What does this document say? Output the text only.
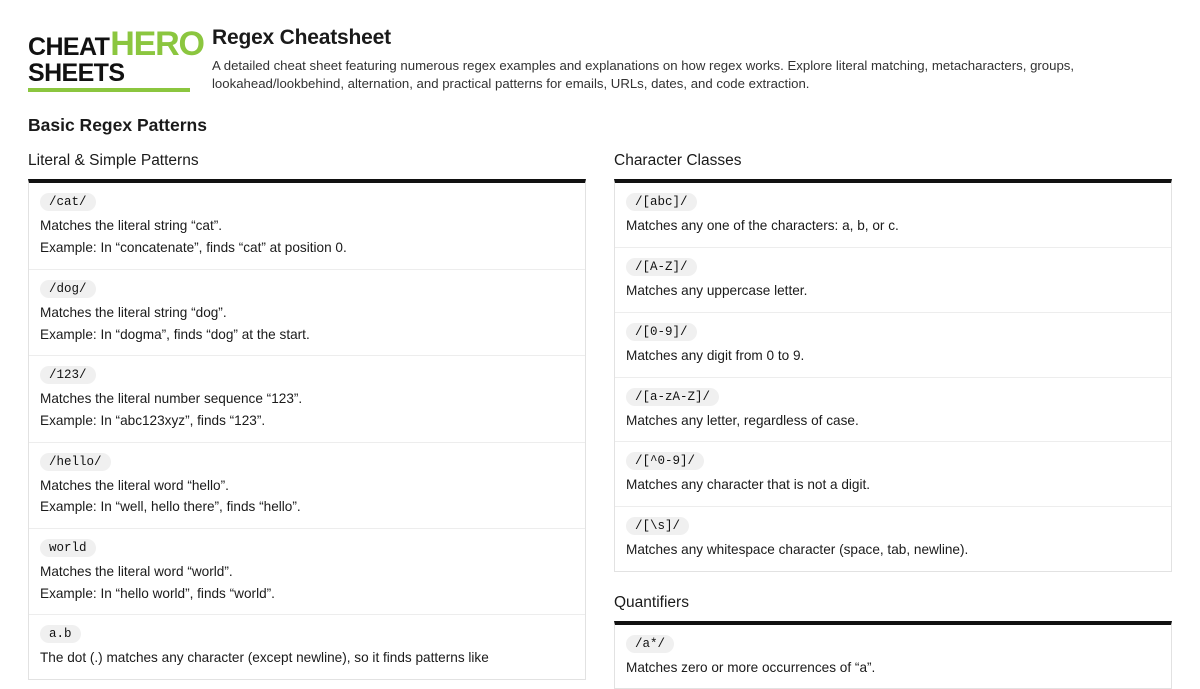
CHEAT HERO
SHEETS
Regex Cheatsheet

A detailed cheat sheet featuring numerous regex examples and explanations on how regex works. Explore literal matching, metacharacters, groups, lookahead/lookbehind, alternation, and practical patterns for emails, URLs, dates, and code extraction.

Basic Regex Patterns
Literal & Simple Patterns
/cat/

Matches the literal string “cat”.

Example: In “concatenate”, finds “cat” at position 0.

/dog/

Matches the literal string “dog”.

Example: In “dogma”, finds “dog” at the start.

/123/

Matches the literal number sequence “123”.

Example: In “abc123xyz”, finds “123”.

/hello/

Matches the literal word “hello”.

Example: In “well, hello there”, finds “hello”.

world

Matches the literal word “world”.

Example: In “hello world”, finds “world”.

a.b

The dot (.) matches any character (except newline), so it finds patterns like

Character Classes
/[abc]/

Matches any one of the characters: a, b, or c.

/[A-Z]/

Matches any uppercase letter.

/[0-9]/

Matches any digit from 0 to 9.

/[a-zA-Z]/

Matches any letter, regardless of case.

/[^0-9]/

Matches any character that is not a digit.

/[\s]/

Matches any whitespace character (space, tab, newline).

Quantifiers
/a*/

Matches zero or more occurrences of “a”.
